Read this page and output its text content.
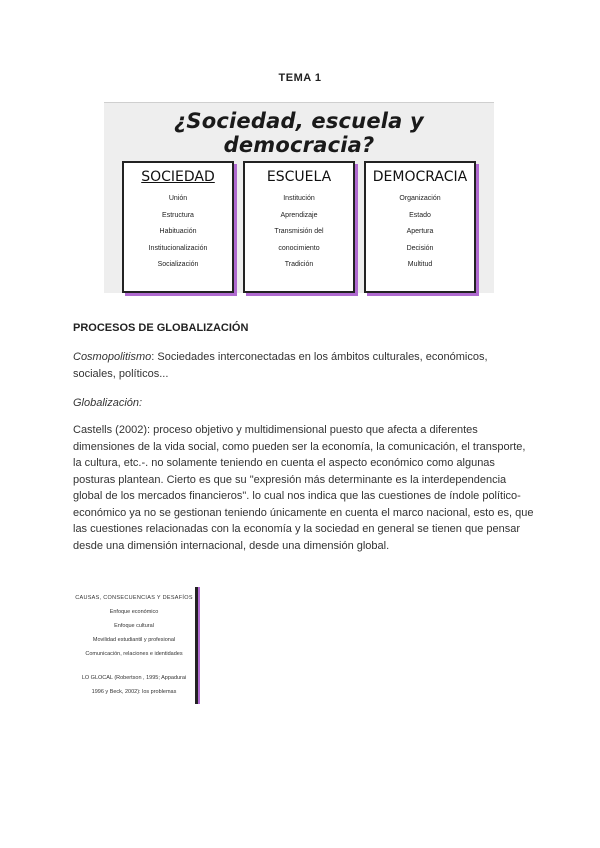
TEMA 1
¿Sociedad, escuela y democracia?
SOCIEDAD
Unión
Estructura
Habituación
Institucionalización
Socialización
ESCUELA
Institución
Aprendizaje
Transmisión del
conocimiento
Tradición
DEMOCRACIA
Organización
Estado
Apertura
Decisión
Multitud
PROCESOS DE GLOBALIZACIÓN
Cosmopolitismo: Sociedades interconectadas en los ámbitos culturales, económicos, sociales, políticos...
Globalización:
Castells (2002): proceso objetivo y multidimensional puesto que afecta a diferentes dimensiones de la vida social, como pueden ser la economía, la comunicación, el transporte, la cultura, etc.-. no solamente teniendo en cuenta el aspecto económico como algunas posturas plantean. Cierto es que su "expresión más determinante es la interdependencia global de los mercados financieros". lo cual nos indica que las cuestiones de índole político-económico ya no se gestionan teniendo únicamente en cuenta el marco nacional, esto es, que las cuestiones relacionadas con la economía y la sociedad en general se tienen que pensar desde una dimensión internacional, desde una dimensión global.
CAUSAS, CONSECUENCIAS Y DESAFÍOS
Enfoque económico
Enfoque cultural
Movilidad estudiantil y profesional
Comunicación, relaciones e identidades
LO GLOCAL (Robertson , 1995; Appadurai
1996 y Beck, 2002): los problemas
